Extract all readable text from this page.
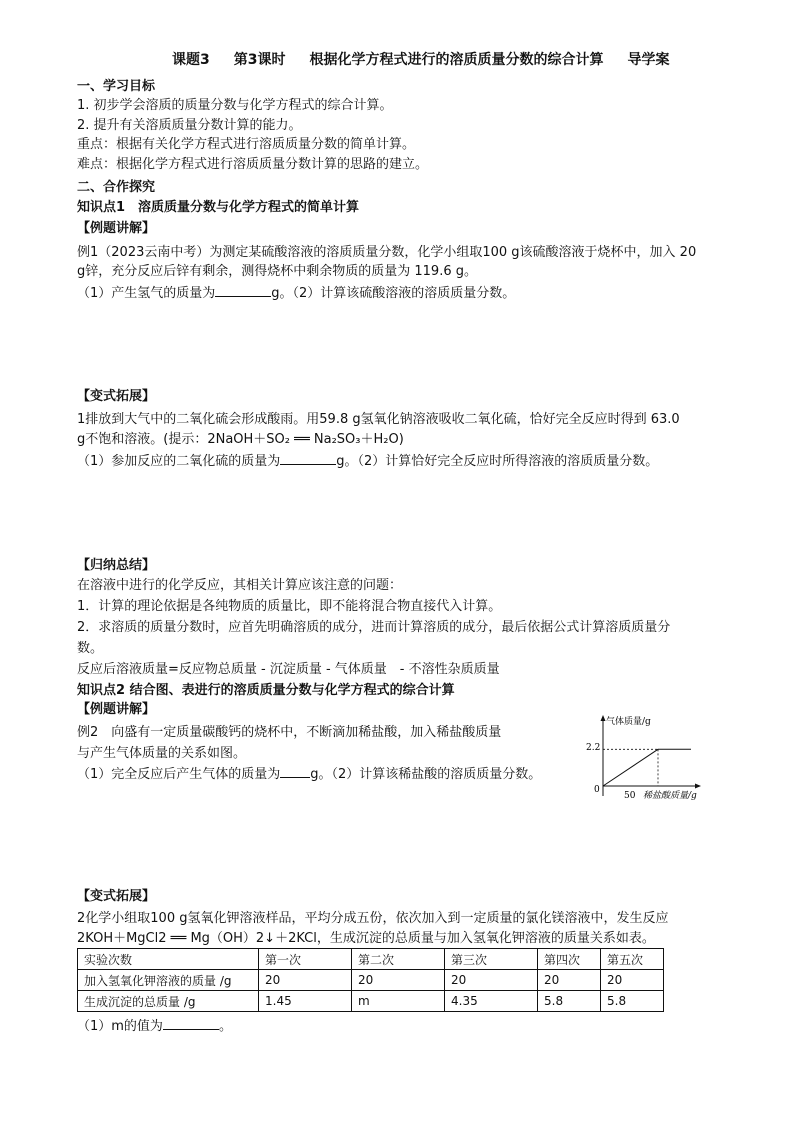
课题3 第3课时 根据化学方程式进行的溶质质量分数的综合计算 导学案
一、学习目标
1. 初步学会溶质的质量分数与化学方程式的综合计算。
2. 提升有关溶质质量分数计算的能力。
重点：根据有关化学方程式进行溶质质量分数的简单计算。
难点：根据化学方程式进行溶质质量分数计算的思路的建立。
二、合作探究
知识点1　溶质质量分数与化学方程式的简单计算
【例题讲解】
例1（2023云南中考）为测定某硫酸溶液的溶质质量分数，化学小组取100 g该硫酸溶液于烧杯中，加入 20
g锌，充分反应后锌有剩余，测得烧杯中剩余物质的质量为 119.6 g。
（1）产生氢气的质量为	g。（2）计算该硫酸溶液的溶质质量分数。
【变式拓展】
1排放到大气中的二氧化硫会形成酸雨。用59.8 g氢氧化钠溶液吸收二氧化硫，恰好完全反应时得到 63.0
g不饱和溶液。(提示：2NaOH＋SO₂ ══ Na₂SO₃＋H₂O)
（1）参加反应的二氧化硫的质量为	g。（2）计算恰好完全反应时所得溶液的溶质质量分数。
【归纳总结】
在溶液中进行的化学反应，其相关计算应该注意的问题：
1．计算的理论依据是各纯物质的质量比，即不能将混合物直接代入计算。
2．求溶质的质量分数时，应首先明确溶质的成分，进而计算溶质的成分，最后依据公式计算溶质质量分
数。
反应后溶液质量=反应物总质量 - 沉淀质量 - 气体质量　- 不溶性杂质质量
知识点2 结合图、表进行的溶质质量分数与化学方程式的综合计算
【例题讲解】
例2　向盛有一定质量碳酸钙的烧杯中，不断滴加稀盐酸，加入稀盐酸质量
与产生气体质量的关系如图。
（1）完全反应后产生气体的质量为 g。（2）计算该稀盐酸的溶质质量分数。
气体质量/g
0
2.2
50 稀盐酸质量/g
【变式拓展】
2化学小组取100 g氢氧化钾溶液样品，平均分成五份，依次加入到一定质量的氯化镁溶液中，发生反应
2KOH＋MgCl2 ══ Mg（OH）2↓＋2KCl，生成沉淀的总质量与加入氢氧化钾溶液的质量关系如表。
实验次数	第一次	第二次	第三次	第四次	第五次
加入氢氧化钾溶液的质量 /g	20	20	20	20	20
生成沉淀的总质量 /g	1.45	m	4.35	5.8	5.8
（1）m的值为	。
